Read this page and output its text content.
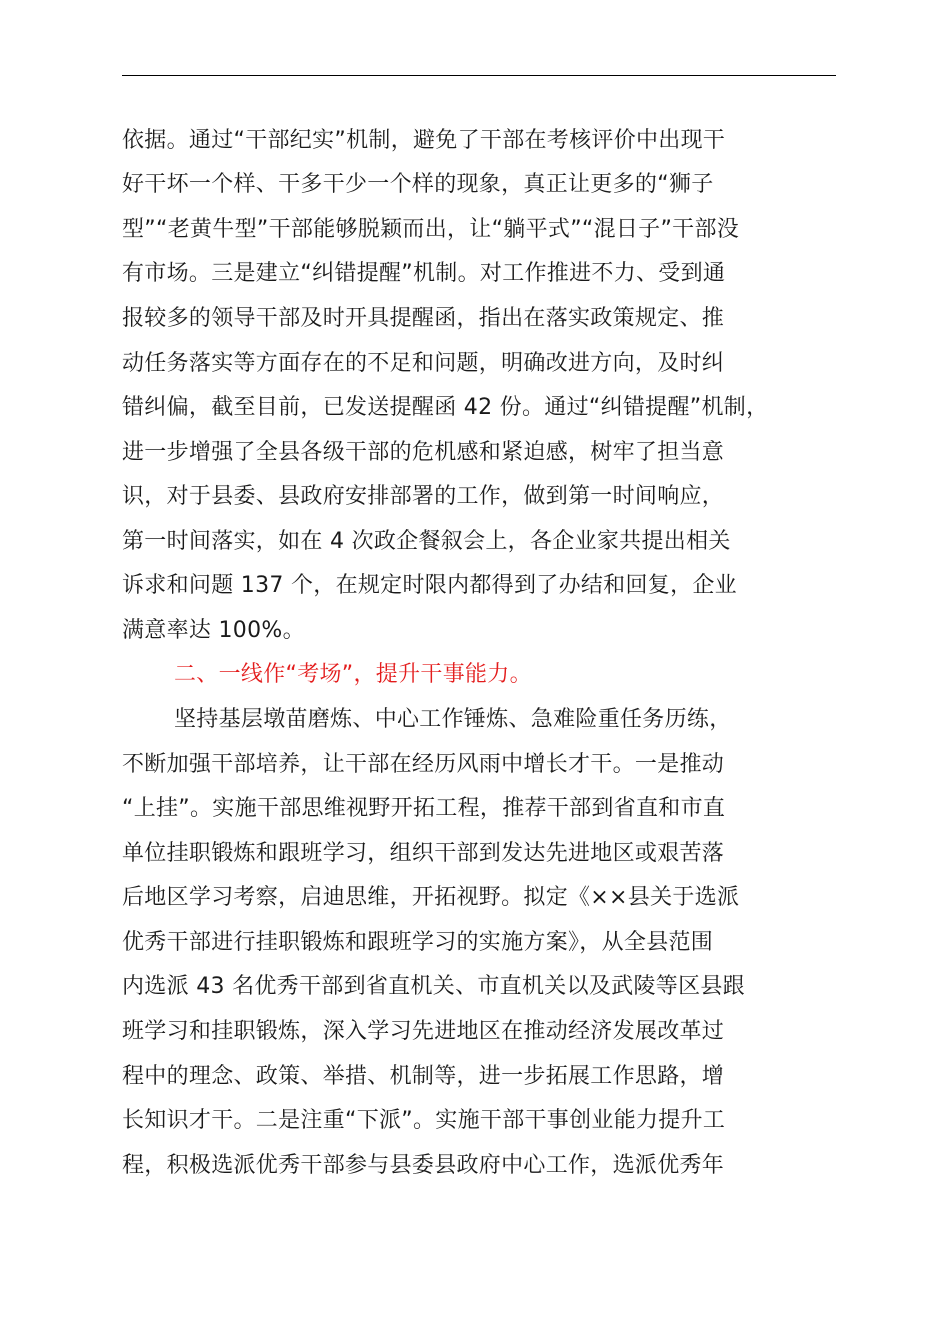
依据。通过“干部纪实”机制，避免了干部在考核评价中出现干
好干坏一个样、干多干少一个样的现象，真正让更多的“狮子
型”“老黄牛型”干部能够脱颖而出，让“躺平式”“混日子”干部没
有市场。三是建立“纠错提醒”机制。对工作推进不力、受到通
报较多的领导干部及时开具提醒函，指出在落实政策规定、推
动任务落实等方面存在的不足和问题，明确改进方向，及时纠
错纠偏，截至目前，已发送提醒函 42 份。通过“纠错提醒”机制，
进一步增强了全县各级干部的危机感和紧迫感，树牢了担当意
识，对于县委、县政府安排部署的工作，做到第一时间响应，
第一时间落实，如在 4 次政企餐叙会上，各企业家共提出相关
诉求和问题 137 个，在规定时限内都得到了办结和回复，企业
满意率达 100%。
二、一线作“考场”，提升干事能力。
坚持基层墩苗磨炼、中心工作锤炼、急难险重任务历练，
不断加强干部培养，让干部在经历风雨中增长才干。一是推动
“上挂”。实施干部思维视野开拓工程，推荐干部到省直和市直
单位挂职锻炼和跟班学习，组织干部到发达先进地区或艰苦落
后地区学习考察，启迪思维，开拓视野。拟定《××县关于选派
优秀干部进行挂职锻炼和跟班学习的实施方案》，从全县范围
内选派 43 名优秀干部到省直机关、市直机关以及武陵等区县跟
班学习和挂职锻炼，深入学习先进地区在推动经济发展改革过
程中的理念、政策、举措、机制等，进一步拓展工作思路，增
长知识才干。二是注重“下派”。实施干部干事创业能力提升工
程，积极选派优秀干部参与县委县政府中心工作，选派优秀年
